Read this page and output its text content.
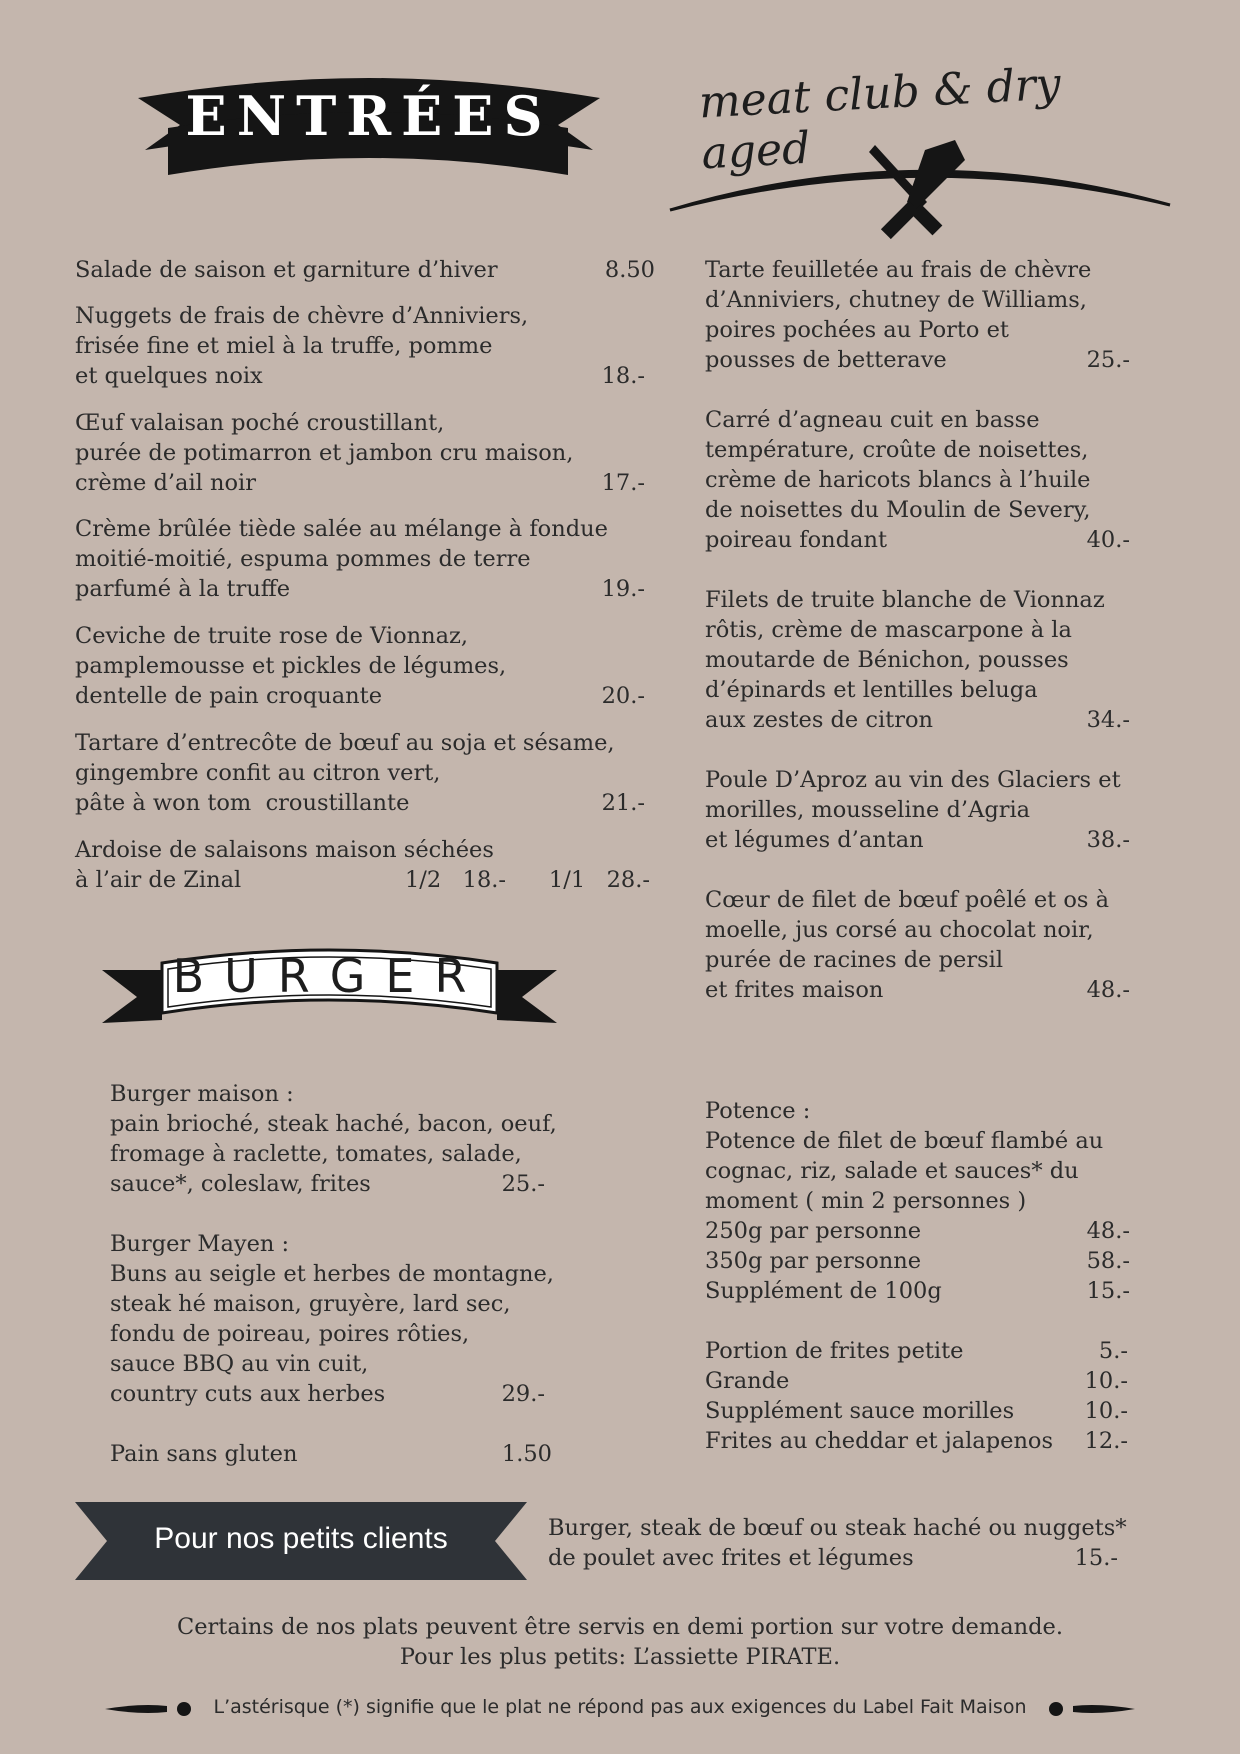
ENTRÉES	meat club & dry aged
Salade de saison et garniture d’hiver	8.50
Nuggets de frais de chèvre d’Anniviers,
frisée fine et miel à la truffe, pomme
et quelques noix	18.-
Œuf valaisan poché croustillant,
purée de potimarron et jambon cru maison,
crème d’ail noir	17.-
Crème brûlée tiède salée au mélange à fondue
moitié-moitié, espuma pommes de terre
parfumé à la truffe	19.-
Ceviche de truite rose de Vionnaz,
pamplemousse et pickles de légumes,
dentelle de pain croquante	20.-
Tartare d’entrecôte de bœuf au soja et sésame,
gingembre confit au citron vert,
pâte à won tom  croustillante	21.-
Ardoise de salaisons maison séchées
à l’air de Zinal	1/2   18.-      1/1   28.-
Tarte feuilletée au frais de chèvre
d’Anniviers, chutney de Williams,
poires pochées au Porto et
pousses de betterave	25.-
Carré d’agneau cuit en basse
température, croûte de noisettes,
crème de haricots blancs à l’huile
de noisettes du Moulin de Severy,
poireau fondant	40.-
Filets de truite blanche de Vionnaz
rôtis, crème de mascarpone à la
moutarde de Bénichon, pousses
d’épinards et lentilles beluga
aux zestes de citron	34.-
Poule D’Aproz au vin des Glaciers et
morilles, mousseline d’Agria
et légumes d’antan	38.-
Cœur de filet de bœuf poêlé et os à
moelle, jus corsé au chocolat noir,
purée de racines de persil
et frites maison	48.-
BURGER
Burger maison :
pain brioché, steak haché, bacon, oeuf,
fromage à raclette, tomates, salade,
sauce*, coleslaw, frites	25.-
Burger Mayen :
Buns au seigle et herbes de montagne,
steak hé maison, gruyère, lard sec,
fondu de poireau, poires rôties,
sauce BBQ au vin cuit,
country cuts aux herbes	29.-
Pain sans gluten	1.50
Potence :
Potence de filet de bœuf flambé au
cognac, riz, salade et sauces* du
moment ( min 2 personnes )
250g par personne	48.-
350g par personne	58.-
Supplément de 100g	15.-
Portion de frites petite	5.-
Grande	10.-
Supplément sauce morilles	10.-
Frites au cheddar et jalapenos 12.-
Pour nos petits clients	Burger, steak de bœuf ou steak haché ou nuggets*
de poulet avec frites et légumes	15.-
Certains de nos plats peuvent être servis en demi portion sur votre demande.
Pour les plus petits: L’assiette PIRATE.
L’astérisque (*) signifie que le plat ne répond pas aux exigences du Label Fait Maison
